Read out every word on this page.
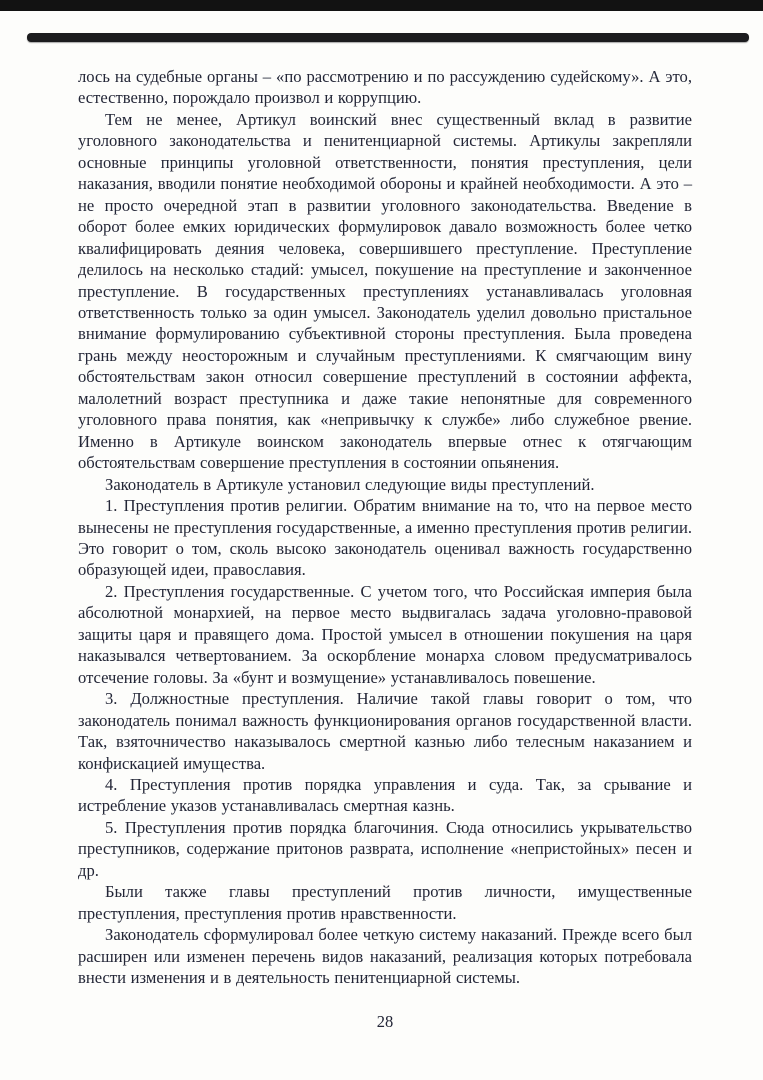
лось на судебные органы – «по рассмотрению и по рассуждению судейскому». А это, естественно, порождало произвол и коррупцию.

Тем не менее, Артикул воинский внес существенный вклад в развитие уголовного законодательства и пенитенциарной системы. Артикулы закрепляли основные принципы уголовной ответственности, понятия преступления, цели наказания, вводили понятие необходимой обороны и крайней необходимости. А это – не просто очередной этап в развитии уголовного законодательства. Введение в оборот более емких юридических формулировок давало возможность более четко квалифицировать деяния человека, совершившего преступление. Преступление делилось на несколько стадий: умысел, покушение на преступление и законченное преступление. В государственных преступлениях устанавливалась уголовная ответственность только за один умысел. Законодатель уделил довольно пристальное внимание формулированию субъективной стороны преступления. Была проведена грань между неосторожным и случайным преступлениями. К смягчающим вину обстоятельствам закон относил совершение преступлений в состоянии аффекта, малолетний возраст преступника и даже такие непонятные для современного уголовного права понятия, как «непривычку к службе» либо служебное рвение. Именно в Артикуле воинском законодатель впервые отнес к отягчающим обстоятельствам совершение преступления в состоянии опьянения.

Законодатель в Артикуле установил следующие виды преступлений.

1. Преступления против религии. Обратим внимание на то, что на первое место вынесены не преступления государственные, а именно преступления против религии. Это говорит о том, сколь высоко законодатель оценивал важность государственно образующей идеи, православия.

2. Преступления государственные. С учетом того, что Российская империя была абсолютной монархией, на первое место выдвигалась задача уголовно-правовой защиты царя и правящего дома. Простой умысел в отношении покушения на царя наказывался четвертованием. За оскорбление монарха словом предусматривалось отсечение головы. За «бунт и возмущение» устанавливалось повешение.

3. Должностные преступления. Наличие такой главы говорит о том, что законодатель понимал важность функционирования органов государственной власти. Так, взяточничество наказывалось смертной казнью либо телесным наказанием и конфискацией имущества.

4. Преступления против порядка управления и суда. Так, за срывание и истребление указов устанавливалась смертная казнь.

5. Преступления против порядка благочиния. Сюда относились укрывательство преступников, содержание притонов разврата, исполнение «непристойных» песен и др.

Были также главы преступлений против личности, имущественные преступления, преступления против нравственности.

Законодатель сформулировал более четкую систему наказаний. Прежде всего был расширен или изменен перечень видов наказаний, реализация которых потребовала внести изменения и в деятельность пенитенциарной системы.

28
